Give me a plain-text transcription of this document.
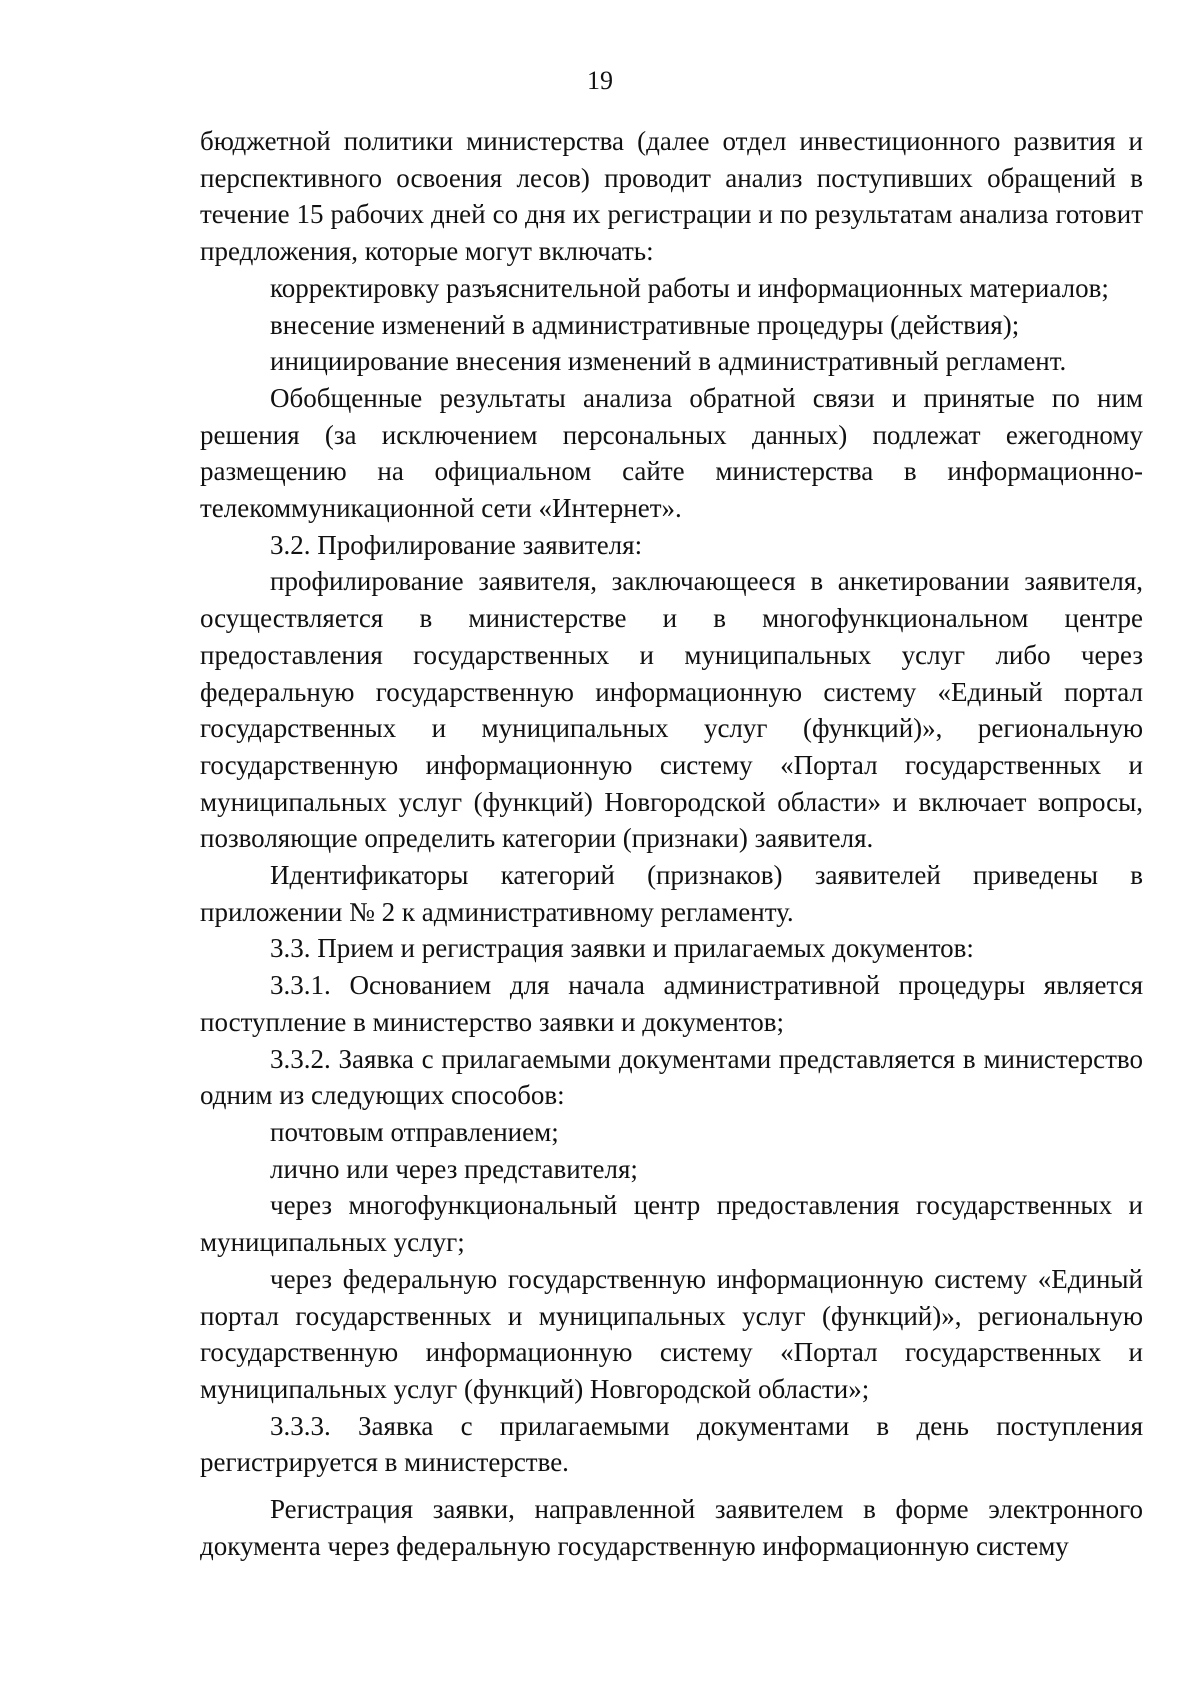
19

бюджетной политики министерства (далее отдел инвестиционного развития и перспективного освоения лесов) проводит анализ поступивших обращений в течение 15 рабочих дней со дня их регистрации и по результатам анализа готовит предложения, которые могут включать:

корректировку разъяснительной работы и информационных материалов;

внесение изменений в административные процедуры (действия);

инициирование внесения изменений в административный регламент.

Обобщенные результаты анализа обратной связи и принятые по ним решения (за исключением персональных данных) подлежат ежегодному размещению на официальном сайте министерства в информационно-телекоммуникационной сети «Интернет».

3.2. Профилирование заявителя:

профилирование заявителя, заключающееся в анкетировании заявителя, осуществляется в министерстве и в многофункциональном центре предоставления государственных и муниципальных услуг либо через федеральную государственную информационную систему «Единый портал государственных и муниципальных услуг (функций)», региональную государственную информационную систему «Портал государственных и муниципальных услуг (функций) Новгородской области» и включает вопросы, позволяющие определить категории (признаки) заявителя.

Идентификаторы категорий (признаков) заявителей приведены в приложении № 2 к административному регламенту.

3.3. Прием и регистрация заявки и прилагаемых документов:

3.3.1. Основанием для начала административной процедуры является поступление в министерство заявки и документов;

3.3.2. Заявка с прилагаемыми документами представляется в министерство одним из следующих способов:

почтовым отправлением;

лично или через представителя;

через многофункциональный центр предоставления государственных и муниципальных услуг;

через федеральную государственную информационную систему «Единый портал государственных и муниципальных услуг (функций)», региональную государственную информационную систему «Портал государственных и муниципальных услуг (функций) Новгородской области»;

3.3.3. Заявка с прилагаемыми документами в день поступления регистрируется в министерстве.

Регистрация заявки, направленной заявителем в форме электронного документа через федеральную государственную информационную систему
